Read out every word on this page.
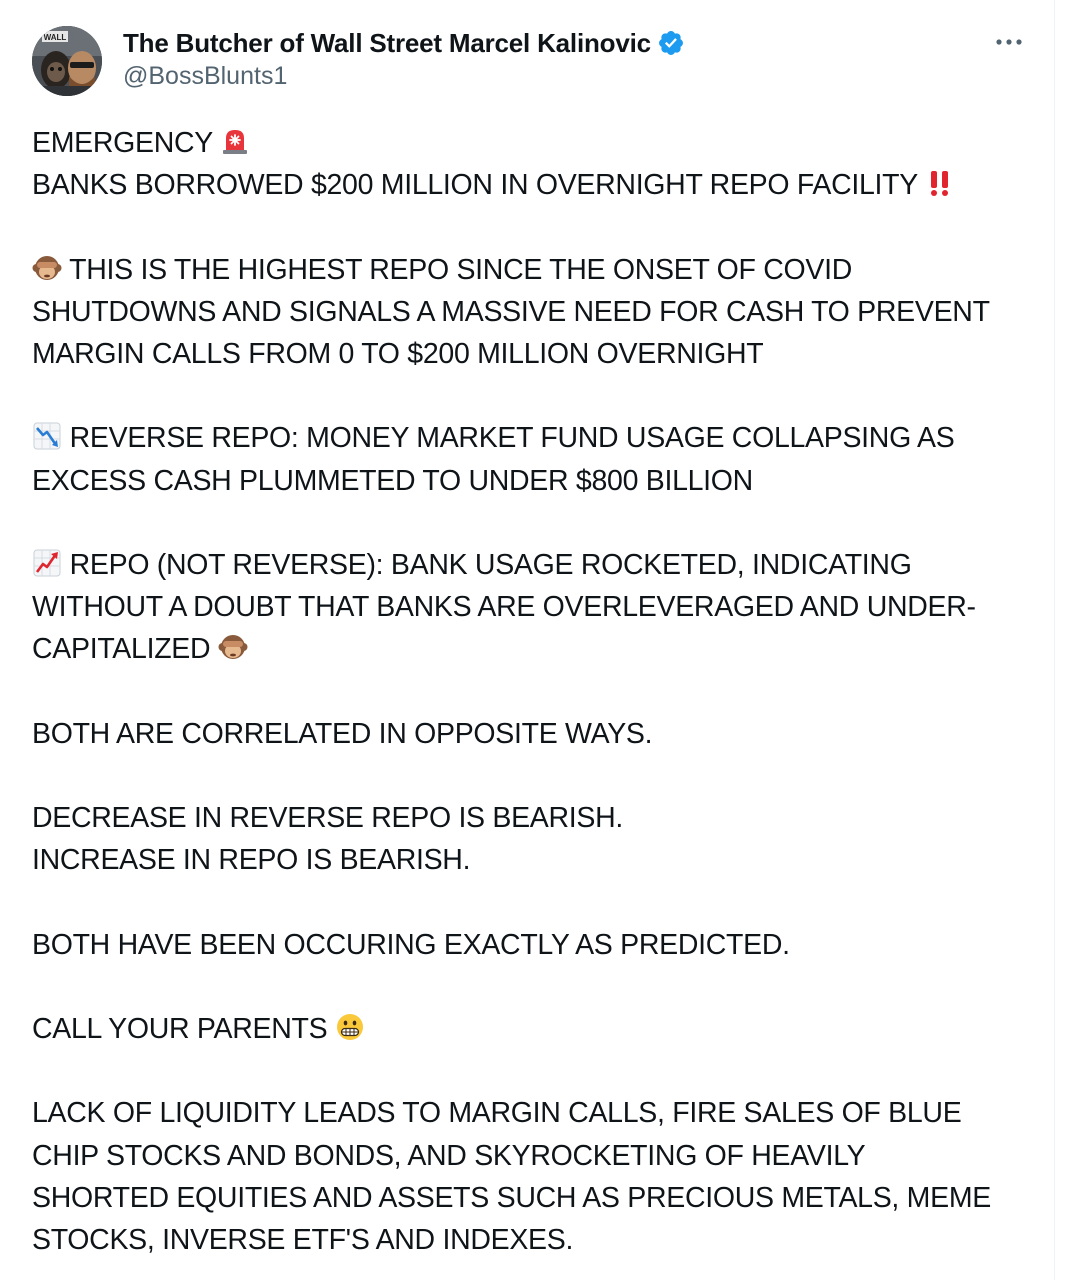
WALL The Butcher of Wall Street Marcel Kalinovic
@BossBlunts1
EMERGENCY
BANKS BORROWED $200 MILLION IN OVERNIGHT REPO FACILITY
THIS IS THE HIGHEST REPO SINCE THE ONSET OF COVID
SHUTDOWNS AND SIGNALS A MASSIVE NEED FOR CASH TO PREVENT
MARGIN CALLS FROM 0 TO $200 MILLION OVERNIGHT
REVERSE REPO: MONEY MARKET FUND USAGE COLLAPSING AS
EXCESS CASH PLUMMETED TO UNDER $800 BILLION
REPO (NOT REVERSE): BANK USAGE ROCKETED, INDICATING
WITHOUT A DOUBT THAT BANKS ARE OVERLEVERAGED AND UNDER-
CAPITALIZED
BOTH ARE CORRELATED IN OPPOSITE WAYS.
DECREASE IN REVERSE REPO IS BEARISH.
INCREASE IN REPO IS BEARISH.
BOTH HAVE BEEN OCCURING EXACTLY AS PREDICTED.
CALL YOUR PARENTS
LACK OF LIQUIDITY LEADS TO MARGIN CALLS, FIRE SALES OF BLUE
CHIP STOCKS AND BONDS, AND SKYROCKETING OF HEAVILY
SHORTED EQUITIES AND ASSETS SUCH AS PRECIOUS METALS, MEME
STOCKS, INVERSE ETF'S AND INDEXES.
